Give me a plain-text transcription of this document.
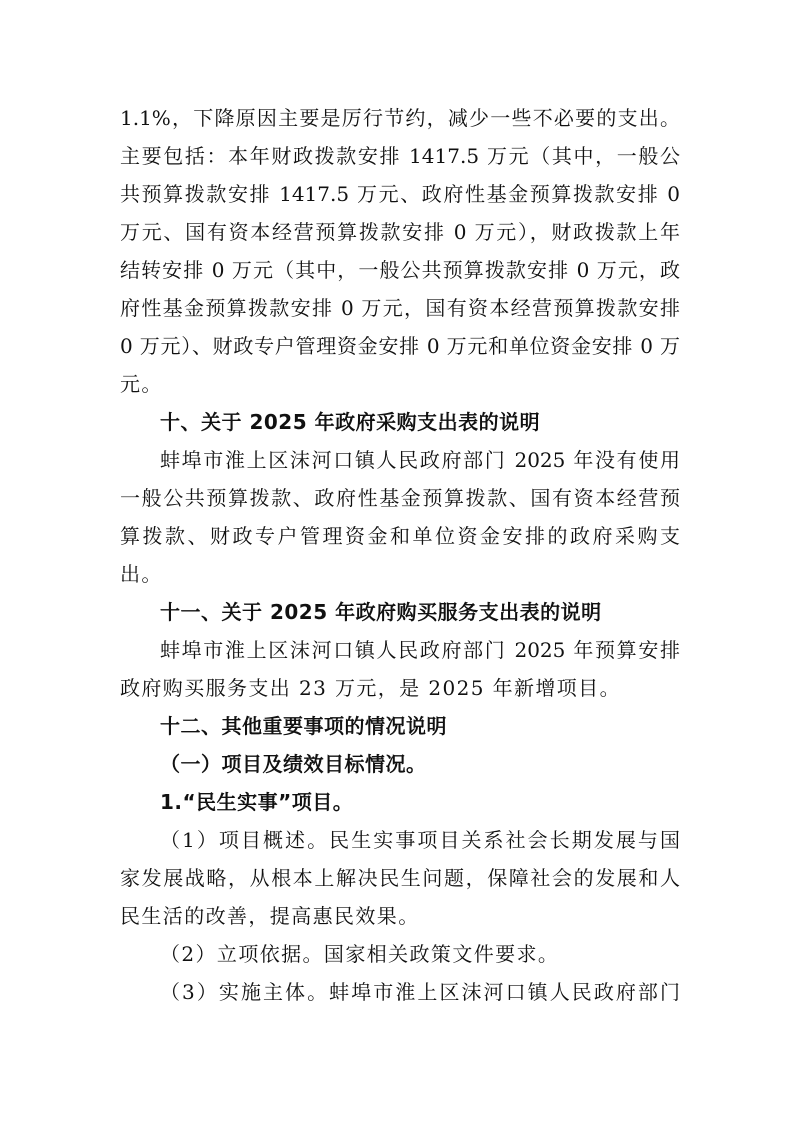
1.1%，下降原因主要是厉行节约，减少一些不必要的支出。
主要包括：本年财政拨款安排 1417.5 万元（其中，一般公
共预算拨款安排 1417.5 万元、政府性基金预算拨款安排 0
万元、国有资本经营预算拨款安排 0 万元），财政拨款上年
结转安排 0 万元（其中，一般公共预算拨款安排 0 万元，政
府性基金预算拨款安排 0 万元，国有资本经营预算拨款安排
0 万元）、财政专户管理资金安排 0 万元和单位资金安排 0 万
元。
十、关于 2025 年政府采购支出表的说明
蚌埠市淮上区沫河口镇人民政府部门 2025 年没有使用
一般公共预算拨款、政府性基金预算拨款、国有资本经营预
算拨款、财政专户管理资金和单位资金安排的政府采购支
出。
十一、关于 2025 年政府购买服务支出表的说明
蚌埠市淮上区沫河口镇人民政府部门 2025 年预算安排
政府购买服务支出 23 万元，是 2025 年新增项目。
十二、其他重要事项的情况说明
（一）项目及绩效目标情况。
1.“民生实事”项目。
（1）项目概述。民生实事项目关系社会长期发展与国
家发展战略，从根本上解决民生问题，保障社会的发展和人
民生活的改善，提高惠民效果。
（2）立项依据。国家相关政策文件要求。
（3）实施主体。蚌埠市淮上区沫河口镇人民政府部门
